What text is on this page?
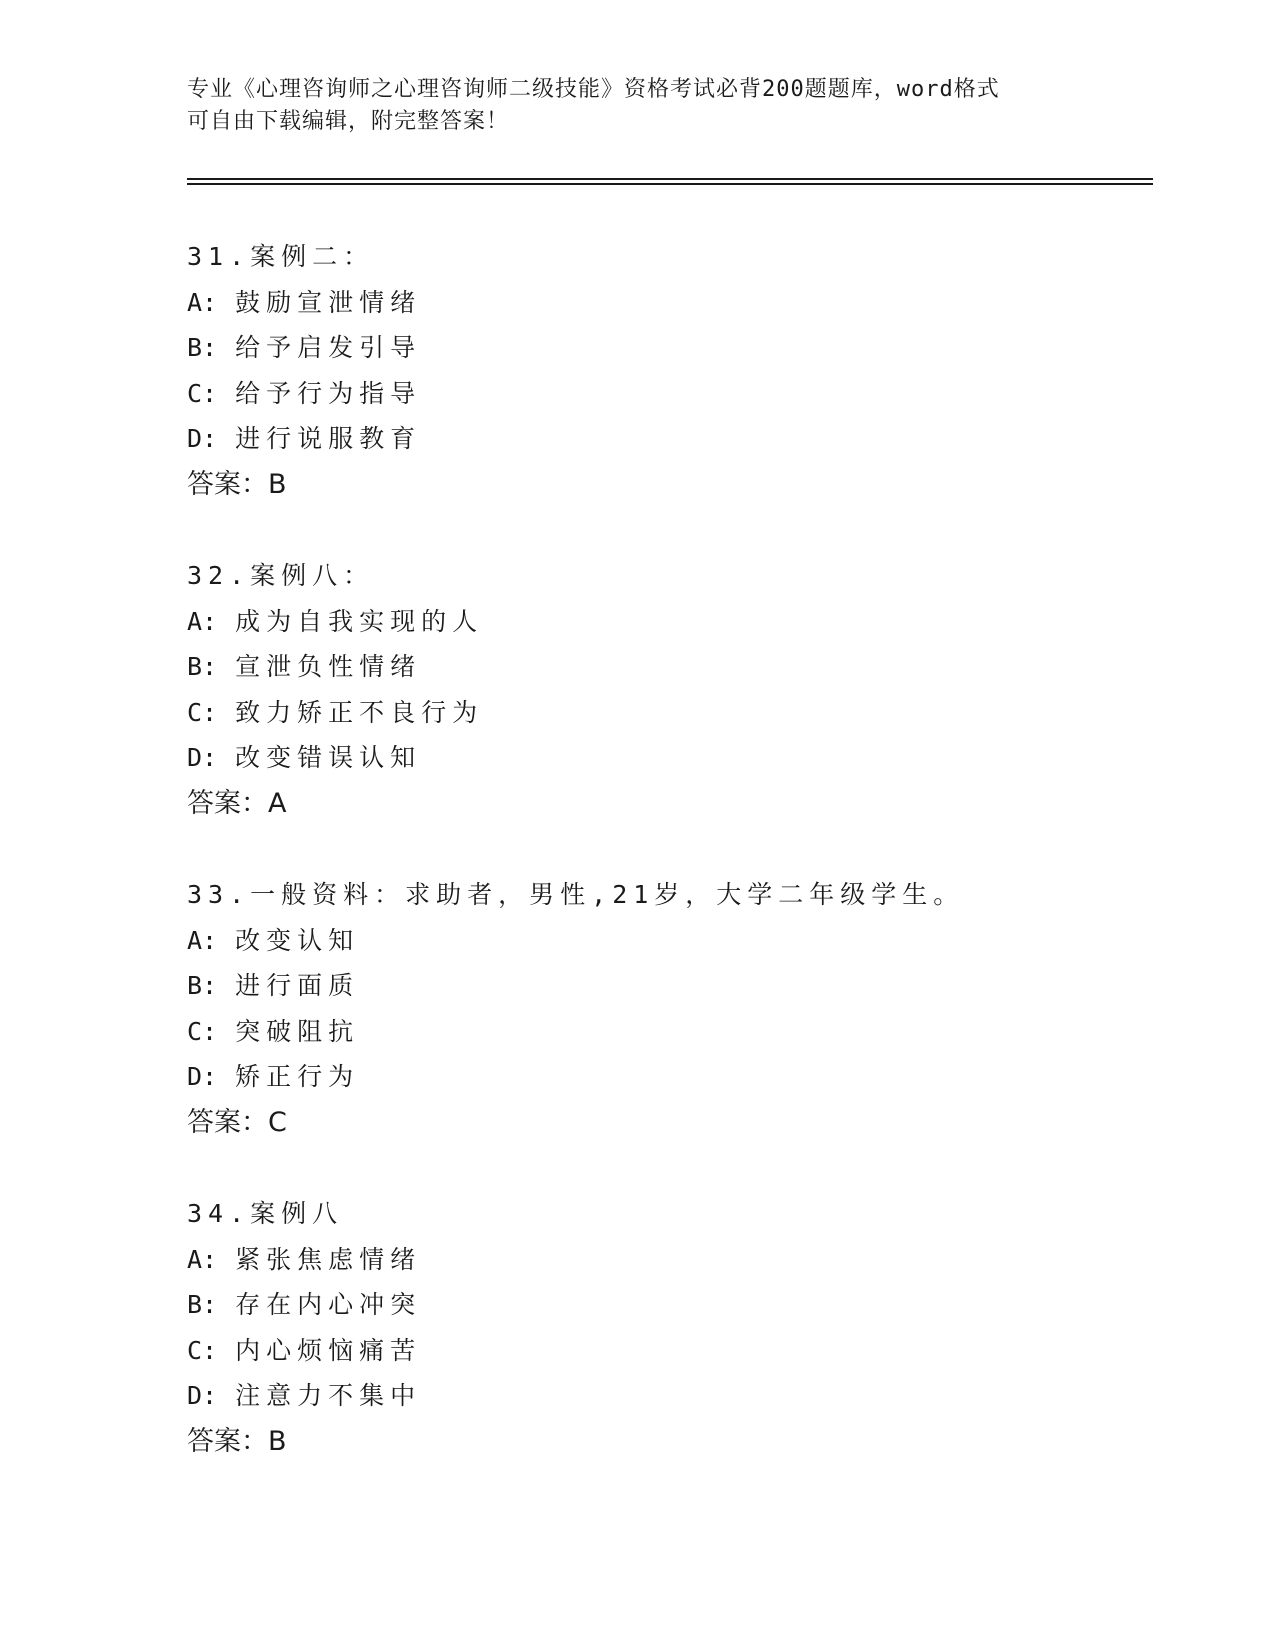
专业《心理咨询师之心理咨询师二级技能》资格考试必背200题题库，word格式
可自由下载编辑，附完整答案！
31.案例二：
A: 鼓励宣泄情绪
B: 给予启发引导
C: 给予行为指导
D: 进行说服教育
答案：B
32.案例八：
A: 成为自我实现的人
B: 宣泄负性情绪
C: 致力矫正不良行为
D: 改变错误认知
答案：A
33.一般资料：求助者，男性,21岁，大学二年级学生。
A: 改变认知
B: 进行面质
C: 突破阻抗
D: 矫正行为
答案：C
34.案例八
A: 紧张焦虑情绪
B: 存在内心冲突
C: 内心烦恼痛苦
D: 注意力不集中
答案：B
